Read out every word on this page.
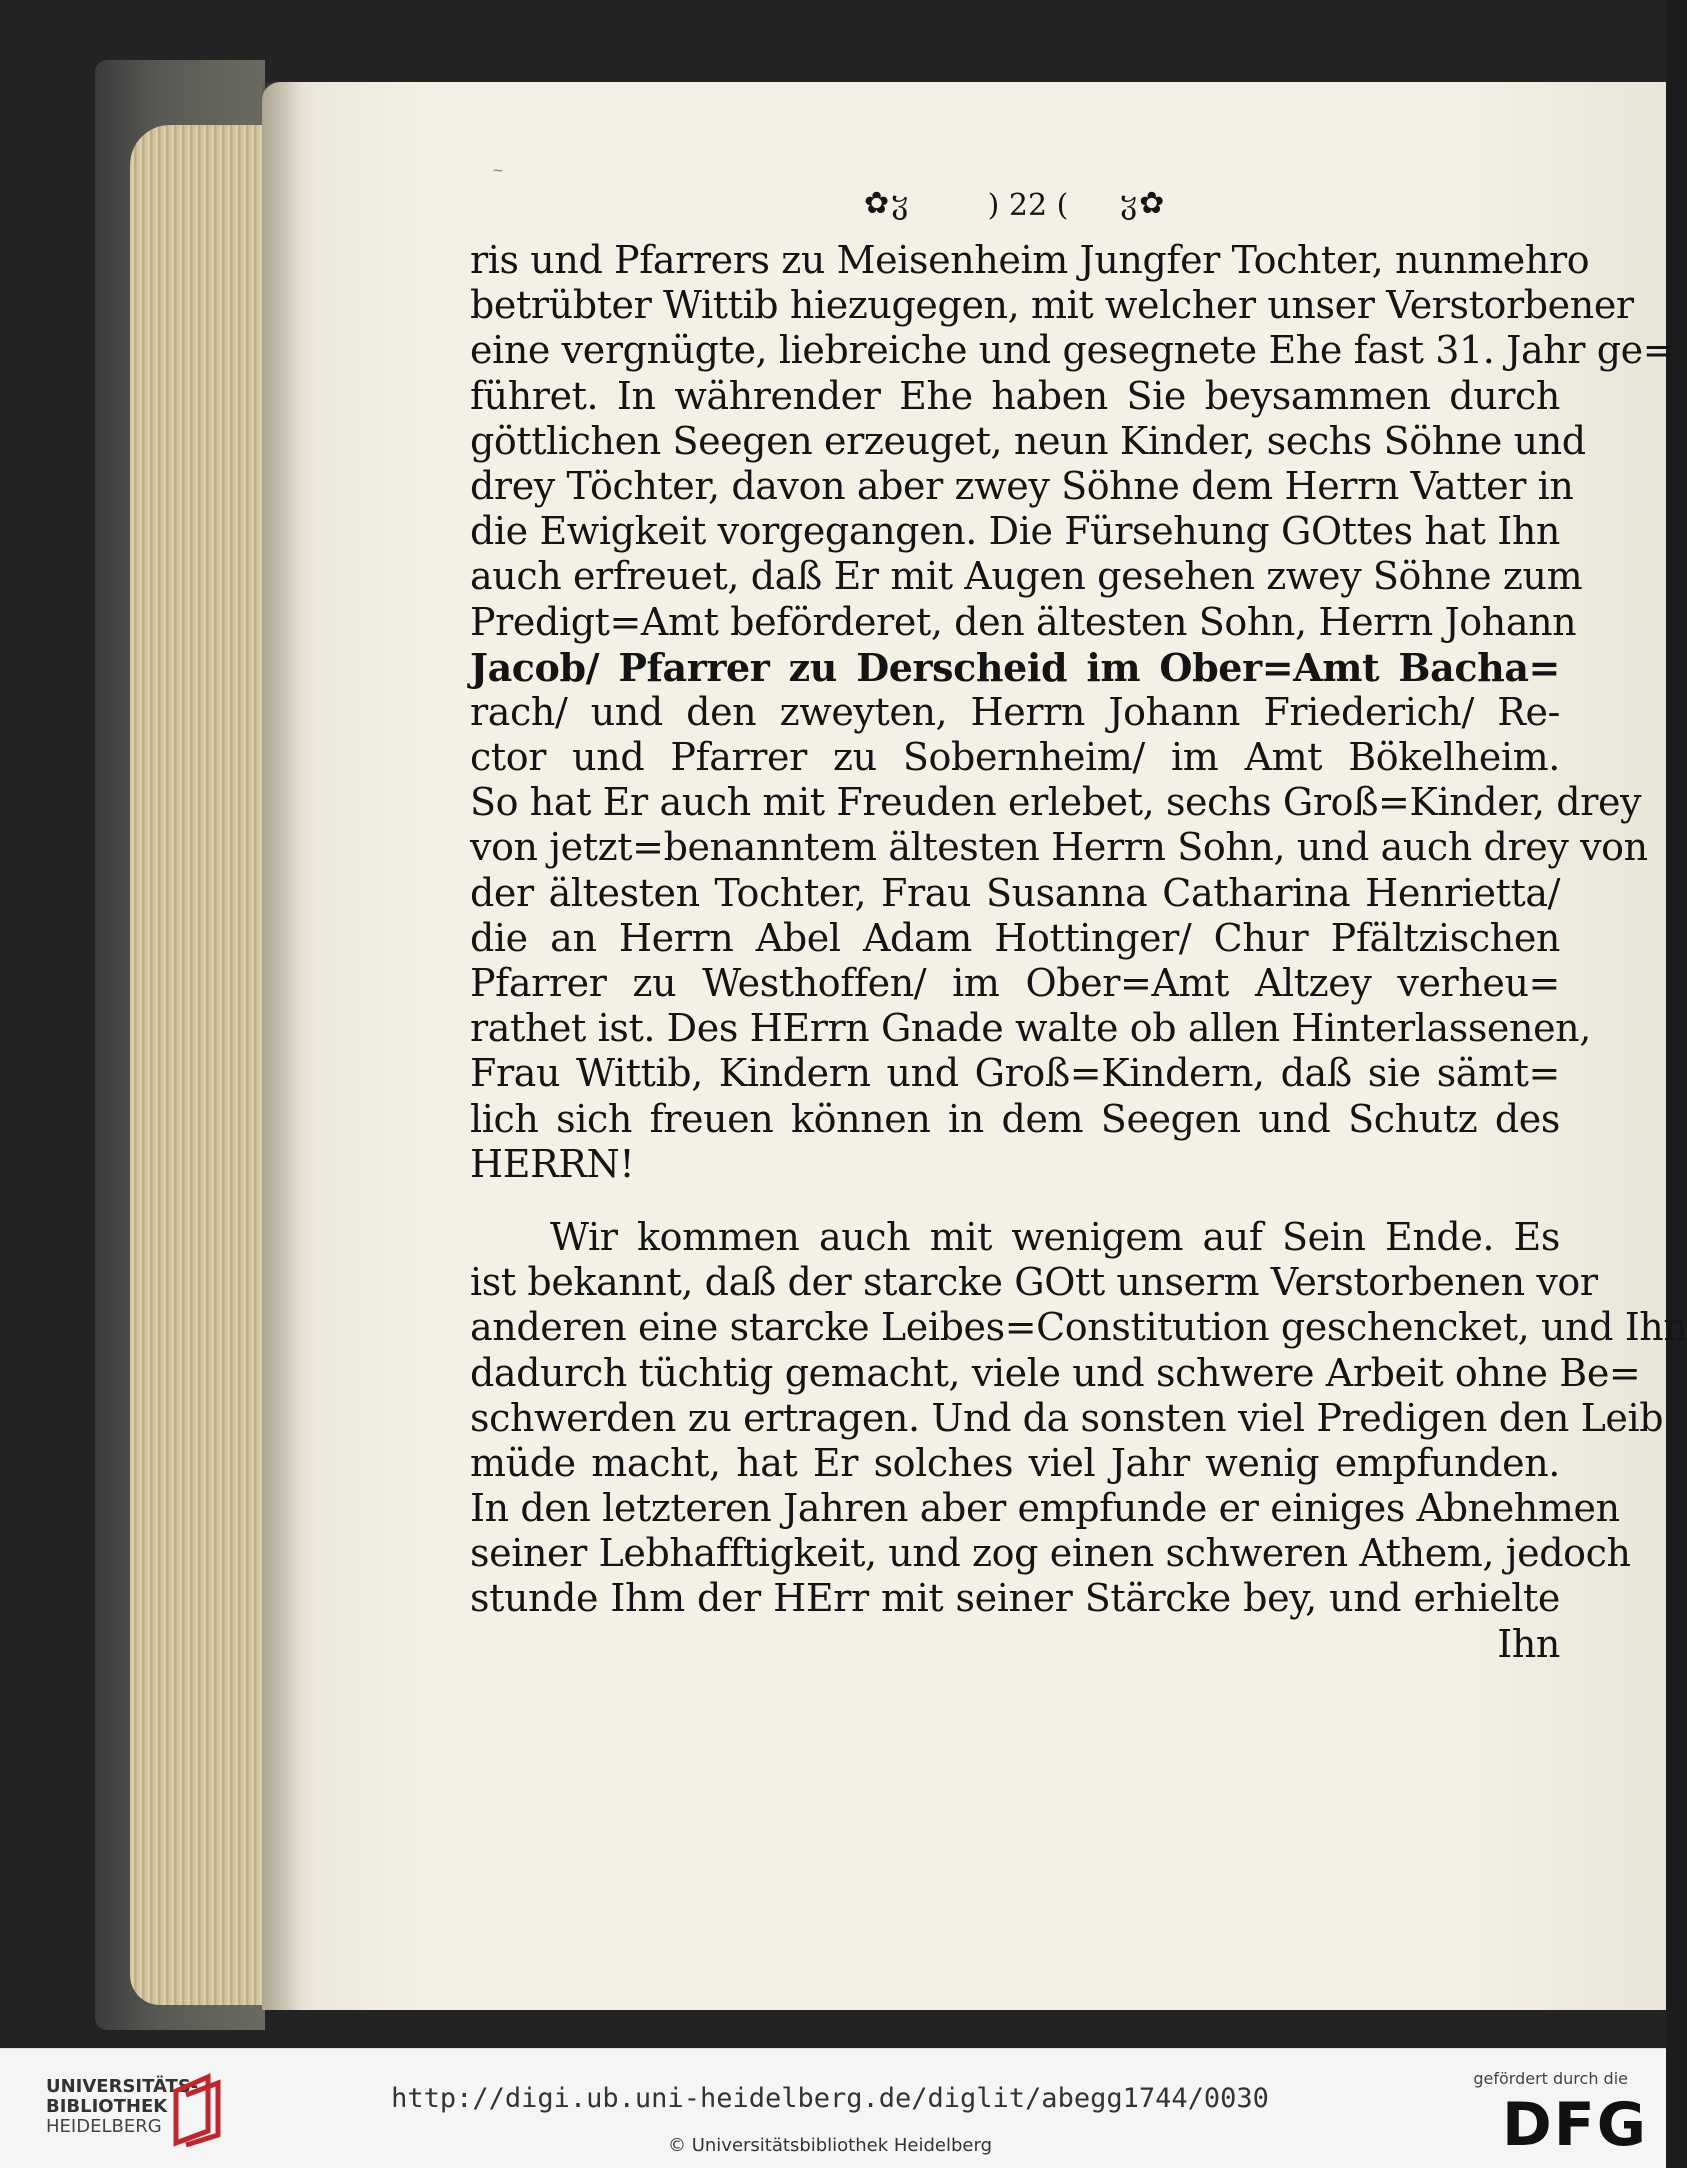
~
✿ჳ	) 22 (	ჳ✿
ris und Pfarrers zu Meisenheim Jungfer Tochter, nunmehro
betrübter Wittib hiezugegen, mit welcher unser Verstorbener
eine vergnügte, liebreiche und gesegnete Ehe fast 31. Jahr ge=
führet. In währender Ehe haben Sie beysammen durch
göttlichen Seegen erzeuget, neun Kinder, sechs Söhne und
drey Töchter, davon aber zwey Söhne dem Herrn Vatter in
die Ewigkeit vorgegangen. Die Fürsehung GOttes hat Ihn
auch erfreuet, daß Er mit Augen gesehen zwey Söhne zum
Predigt=Amt beförderet, den ältesten Sohn, Herrn Johann
Jacob/ Pfarrer zu Derscheid im Ober=Amt Bacha=
rach/ und den zweyten, Herrn Johann Friederich/ Re-
ctor und Pfarrer zu Sobernheim/ im Amt Bökelheim.
So hat Er auch mit Freuden erlebet, sechs Groß=Kinder, drey
von jetzt=benanntem ältesten Herrn Sohn, und auch drey von
der ältesten Tochter, Frau Susanna Catharina Henrietta/
die an Herrn Abel Adam Hottinger/ Chur Pfältzischen
Pfarrer zu Westhoffen/ im Ober=Amt Altzey verheu=
rathet ist. Des HErrn Gnade walte ob allen Hinterlassenen,
Frau Wittib, Kindern und Groß=Kindern, daß sie sämt=
lich sich freuen können in dem Seegen und Schutz des
HERRN!
Wir kommen auch mit wenigem auf Sein Ende. Es
ist bekannt, daß der starcke GOtt unserm Verstorbenen vor
anderen eine starcke Leibes=Constitution geschencket, und Ihn
dadurch tüchtig gemacht, viele und schwere Arbeit ohne Be=
schwerden zu ertragen. Und da sonsten viel Predigen den Leib
müde macht, hat Er solches viel Jahr wenig empfunden.
In den letzteren Jahren aber empfunde er einiges Abnehmen
seiner Lebhafftigkeit, und zog einen schweren Athem, jedoch
stunde Ihm der HErr mit seiner Stärcke bey, und erhielte
Ihn
UNIVERSITÄTS-
BIBLIOTHEK
HEIDELBERG
http://digi.ub.uni-heidelberg.de/diglit/abegg1744/0030
© Universitätsbibliothek Heidelberg
gefördert durch die
DFG
